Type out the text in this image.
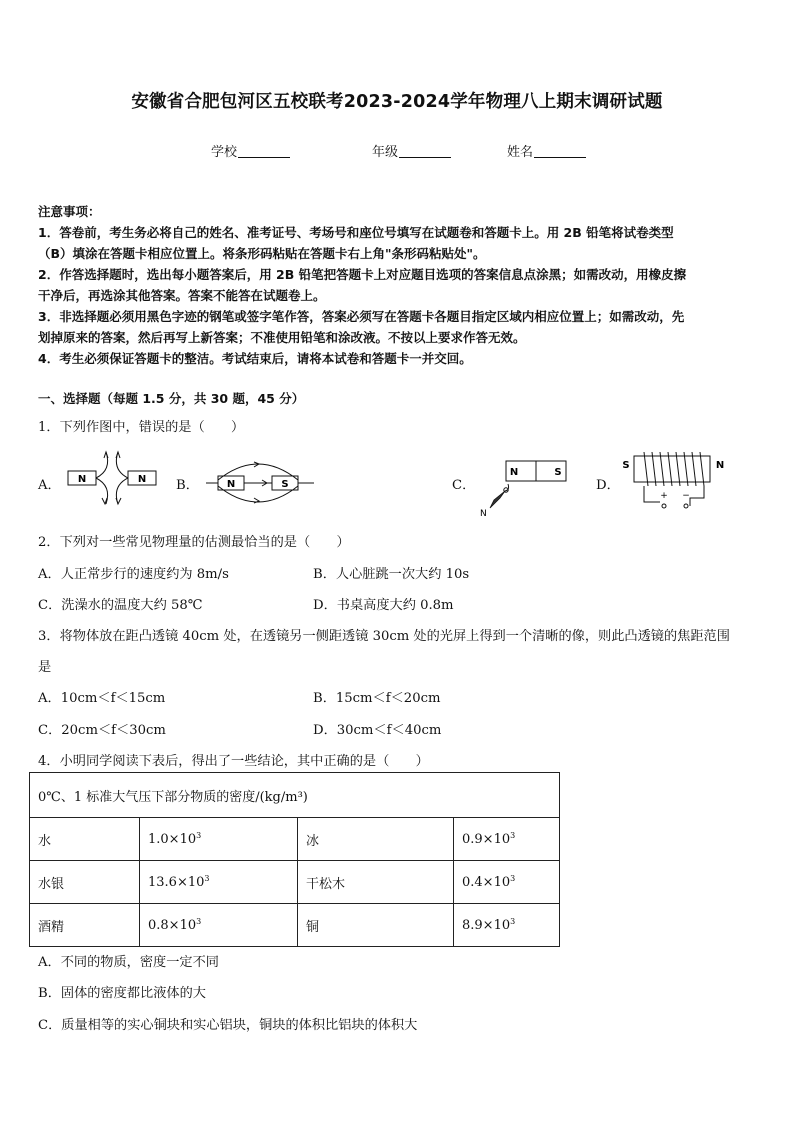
安徽省合肥包河区五校联考2023-2024学年物理八上期末调研试题
学校	年级	姓名
注意事项：
1．答卷前，考生务必将自己的姓名、准考证号、考场号和座位号填写在试题卷和答题卡上。用 2B 铅笔将试卷类型
（B）填涂在答题卡相应位置上。将条形码粘贴在答题卡右上角"条形码粘贴处"。
2．作答选择题时，选出每小题答案后，用 2B 铅笔把答题卡上对应题目选项的答案信息点涂黑；如需改动，用橡皮擦
干净后，再选涂其他答案。答案不能答在试题卷上。
3．非选择题必须用黑色字迹的钢笔或签字笔作答，答案必须写在答题卡各题目指定区域内相应位置上；如需改动，先
划掉原来的答案，然后再写上新答案；不准使用铅笔和涂改液。不按以上要求作答无效。
4．考生必须保证答题卡的整洁。考试结束后，请将本试卷和答题卡一并交回。
一、选择题（每题 1.5 分，共 30 题，45 分）
1．下列作图中，错误的是（　　）
A． N	N B．	N	S	C．
N	S
N
D．
S	N
+ −
2．下列对一些常见物理量的估测最恰当的是（　　）
A．人正常步行的速度约为 8m/s	B．人心脏跳一次大约 10s
C．洗澡水的温度大约 58℃	D．书桌高度大约 0.8m
3．将物体放在距凸透镜 40cm 处，在透镜另一侧距透镜 30cm 处的光屏上得到一个清晰的像，则此凸透镜的焦距范围
是
A．10cm＜f＜15cm	B．15cm＜f＜20cm
C．20cm＜f＜30cm	D．30cm＜f＜40cm
4．小明同学阅读下表后，得出了一些结论，其中正确的是（　　）
0℃、1 标准大气压下部分物质的密度/(kg/m³)			
水	$1.0\times 10^3$	冰	$0.9\times 10^3$
水银	$13.6\times 10^3$	干松木	$0.4\times 10^3$
酒精	$0.8\times 10^3$	铜	$8.9\times 10^3$
A．不同的物质，密度一定不同
B．固体的密度都比液体的大
C．质量相等的实心铜块和实心铝块，铜块的体积比铝块的体积大
